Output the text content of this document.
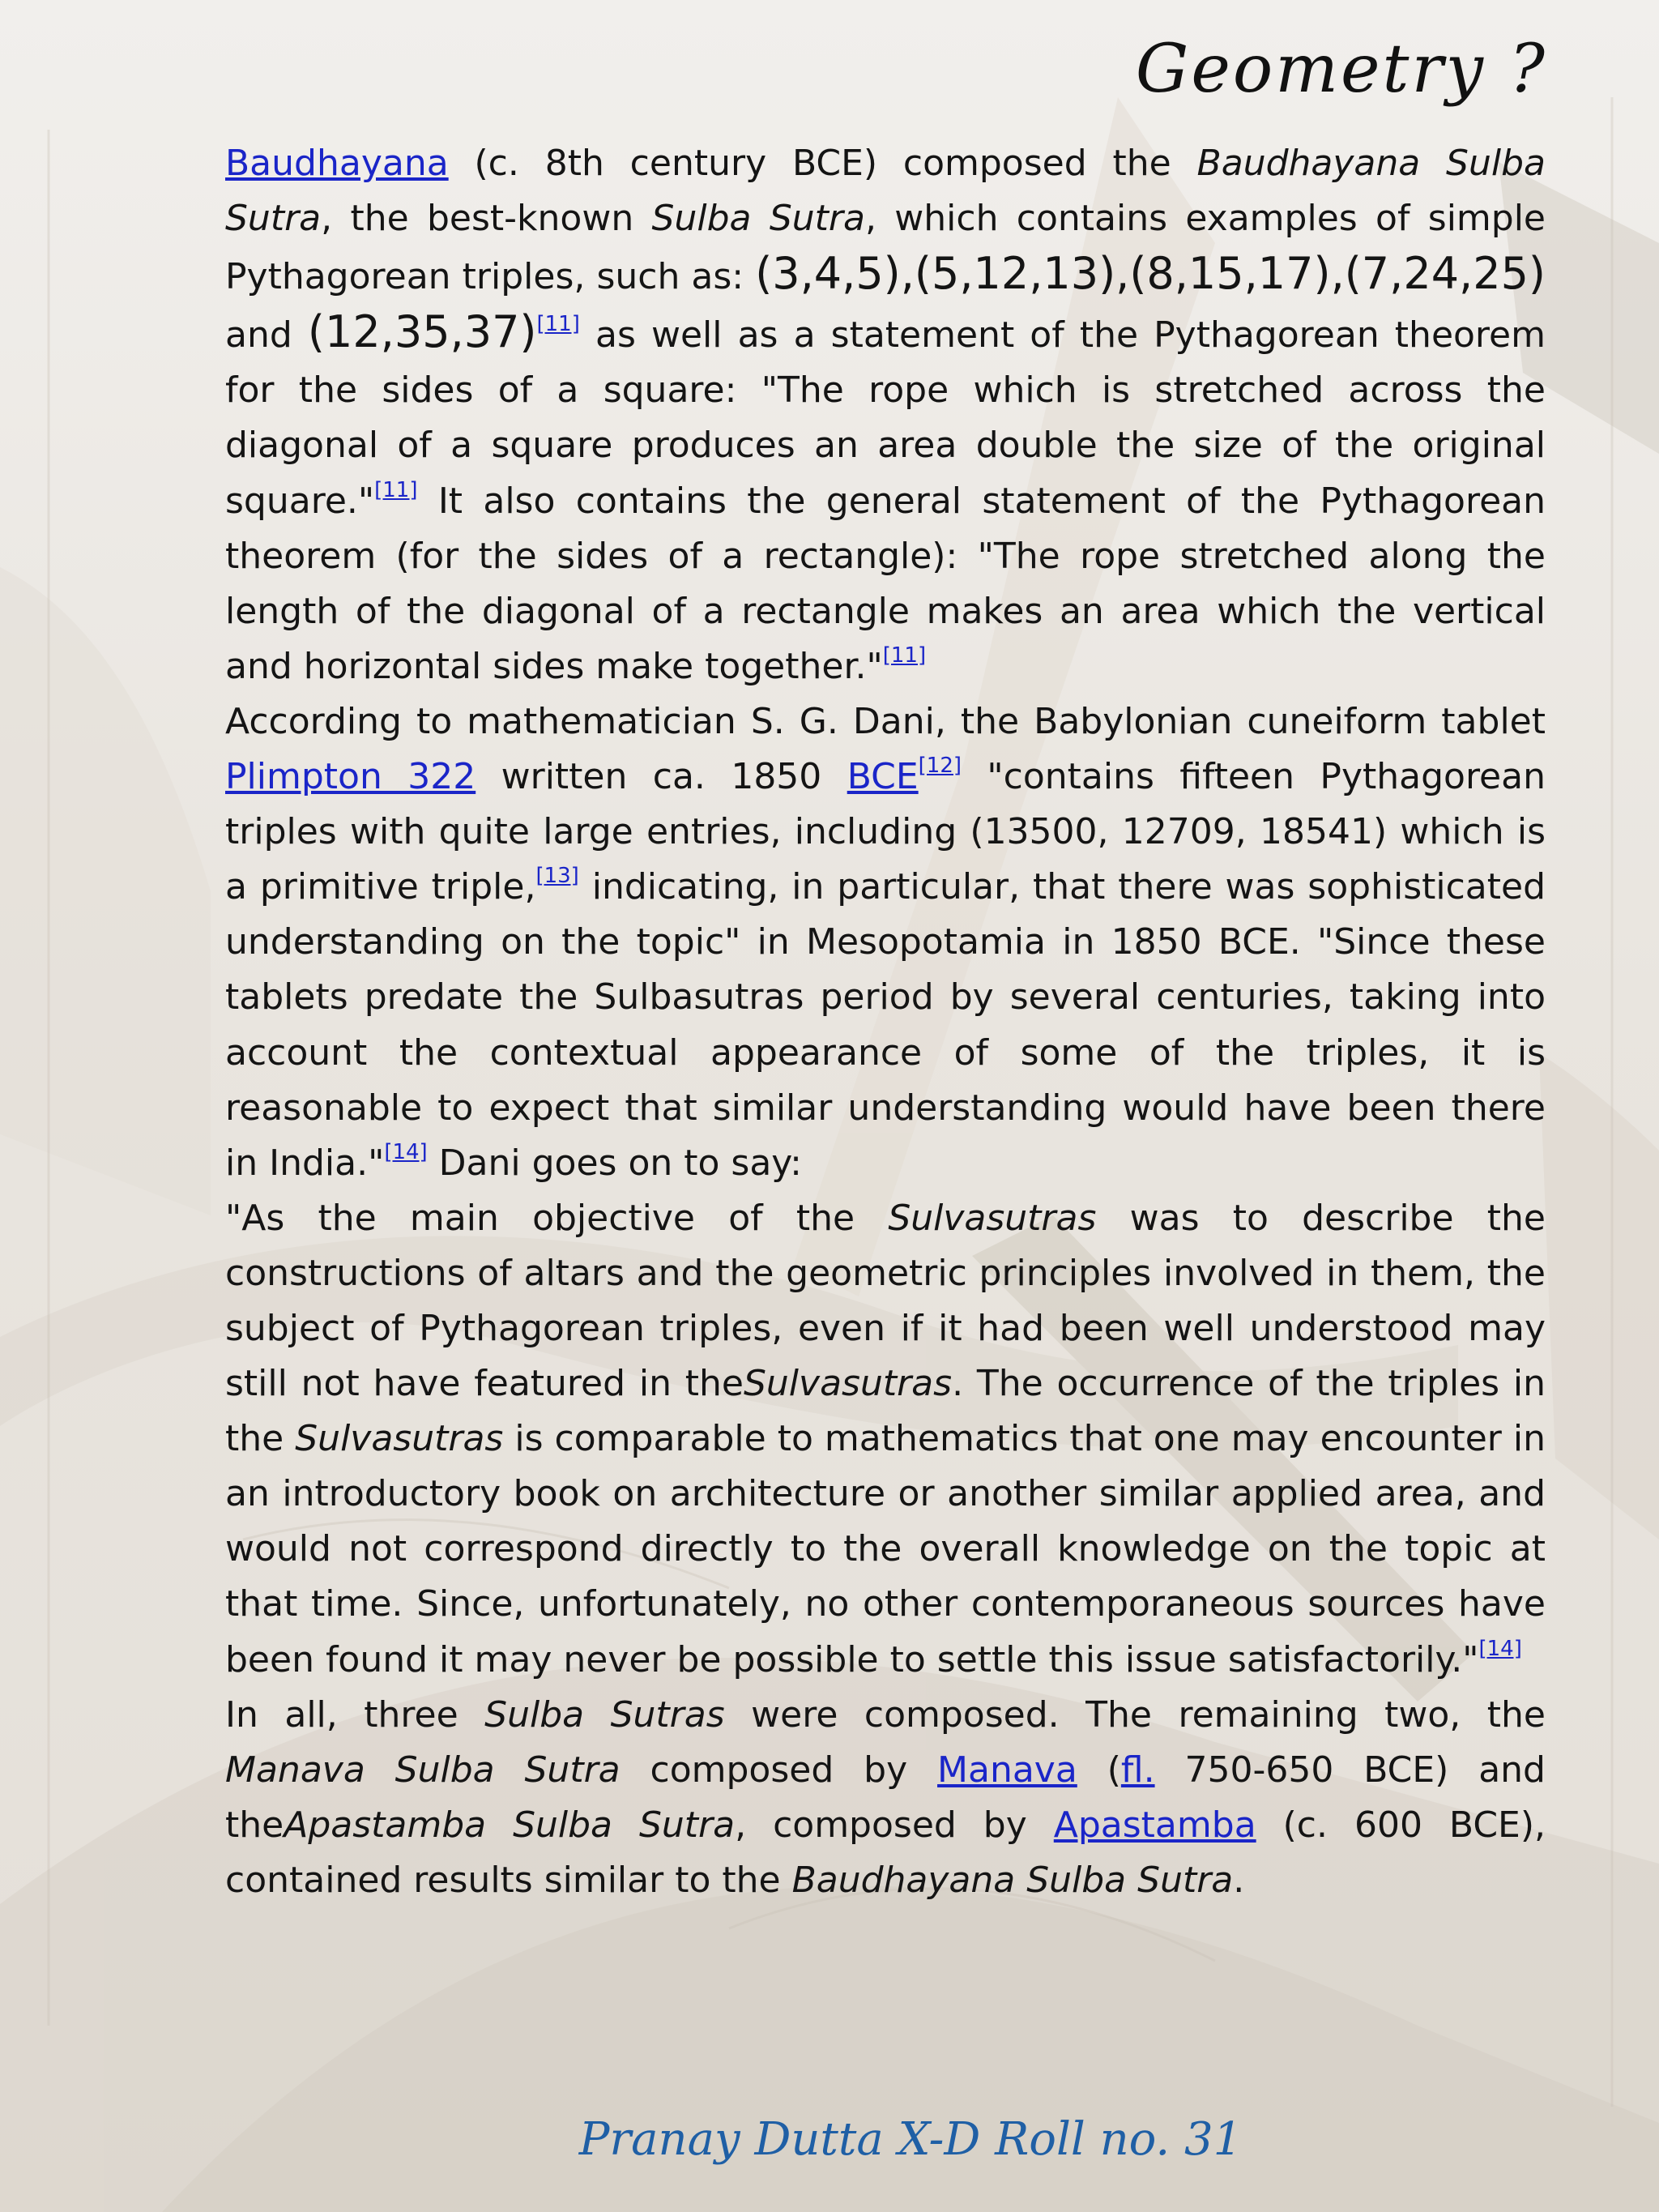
Geometry ?

Baudhayana (c. 8th century BCE) composed the Baudhayana Sulba Sutra, the best-known Sulba Sutra, which contains examples of simple Pythagorean triples, such as: (3,4,5),(5,12,13),(8,15,17),(7,24,25) and (12,35,37)[11] as well as a statement of the Pythagorean theorem for the sides of a square: "The rope which is stretched across the diagonal of a square produces an area double the size of the original square."[11] It also contains the general statement of the Pythagorean theorem (for the sides of a rectangle): "The rope stretched along the length of the diagonal of a rectangle makes an area which the vertical and horizontal sides make together."[11]

According to mathematician S. G. Dani, the Babylonian cuneiform tablet Plimpton 322 written ca. 1850 BCE[12] "contains fifteen Pythagorean triples with quite large entries, including (13500, 12709, 18541) which is a primitive triple,[13] indicating, in particular, that there was sophisticated understanding on the topic" in Mesopotamia in 1850 BCE. "Since these tablets predate the Sulbasutras period by several centuries, taking into account the contextual appearance of some of the triples, it is reasonable to expect that similar understanding would have been there in India."[14] Dani goes on to say:

"As the main objective of the Sulvasutras was to describe the constructions of altars and the geometric principles involved in them, the subject of Pythagorean triples, even if it had been well understood may still not have featured in theSulvasutras. The occurrence of the triples in the Sulvasutras is comparable to mathematics that one may encounter in an introductory book on architecture or another similar applied area, and would not correspond directly to the overall knowledge on the topic at that time. Since, unfortunately, no other contemporaneous sources have been found it may never be possible to settle this issue satisfactorily."[14]

In all, three Sulba Sutras were composed. The remaining two, the Manava Sulba Sutra composed by Manava (fl. 750-650 BCE) and theApastamba Sulba Sutra, composed by Apastamba (c. 600 BCE), contained results similar to the Baudhayana Sulba Sutra.

Pranay Dutta X-D Roll no. 31
